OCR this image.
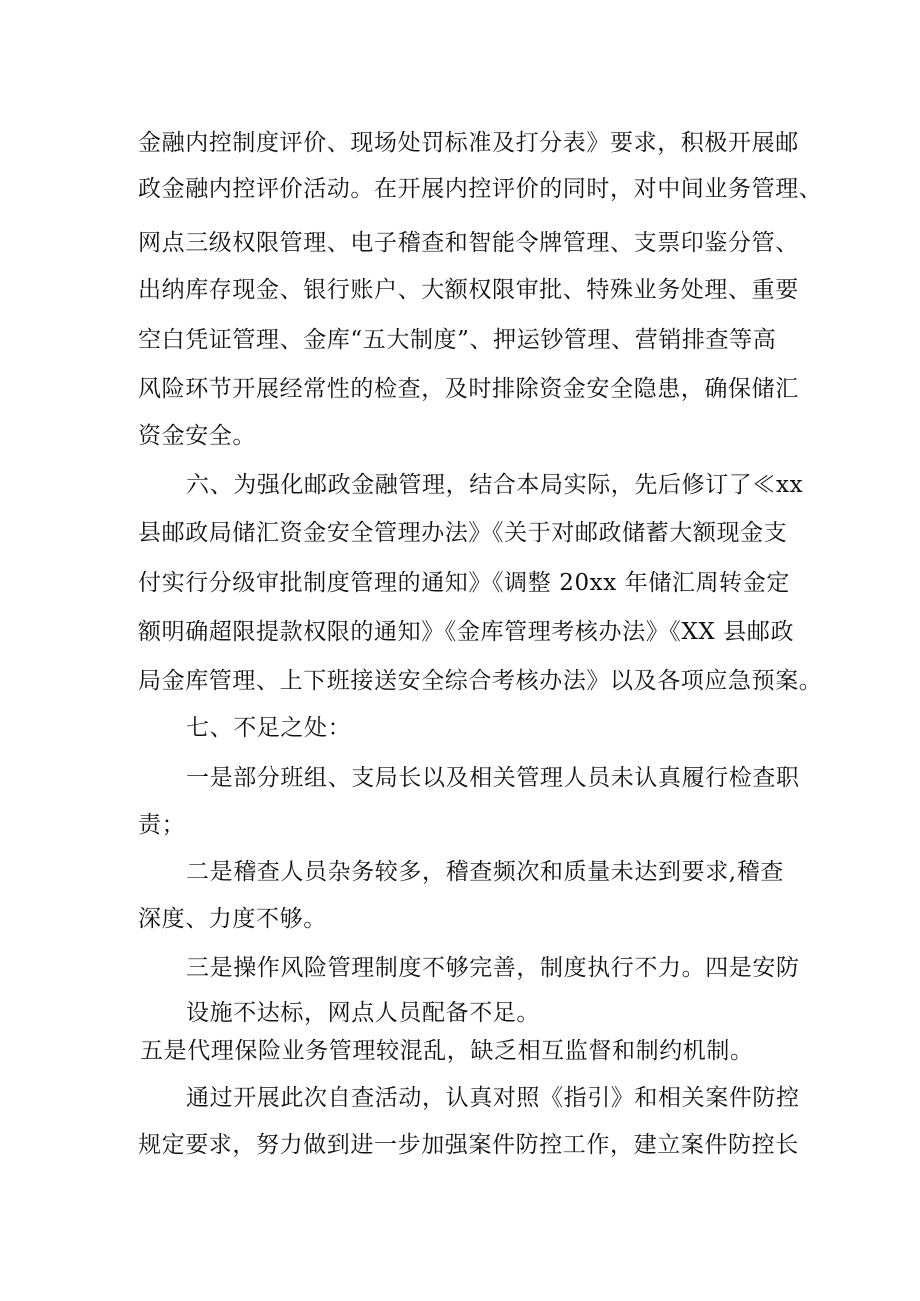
金融内控制度评价、现场处罚标准及打分表》要求，积极开展邮
政金融内控评价活动。在开展内控评价的同时，对中间业务管理、
网点三级权限管理、电子稽查和智能令牌管理、支票印鉴分管、
出纳库存现金、银行账户、大额权限审批、特殊业务处理、重要
空白凭证管理、金库“五大制度”、押运钞管理、营销排查等高
风险环节开展经常性的检查，及时排除资金安全隐患，确保储汇
资金安全。
六、为强化邮政金融管理，结合本局实际，先后修订了≪xx
县邮政局储汇资金安全管理办法》《关于对邮政储蓄大额现金支
付实行分级审批制度管理的通知》《调整 20xx 年储汇周转金定
额明确超限提款权限的通知》《金库管理考核办法》《XX 县邮政
局金库管理、上下班接送安全综合考核办法》以及各项应急预案。
七、不足之处：
一是部分班组、支局长以及相关管理人员未认真履行检查职
责；
二是稽查人员杂务较多，稽查频次和质量未达到要求,稽查
深度、力度不够。
三是操作风险管理制度不够完善，制度执行不力。四是安防
设施不达标，网点人员配备不足。
五是代理保险业务管理较混乱，缺乏相互监督和制约机制。
通过开展此次自查活动，认真对照《指引》和相关案件防控
规定要求，努力做到进一步加强案件防控工作，建立案件防控长
